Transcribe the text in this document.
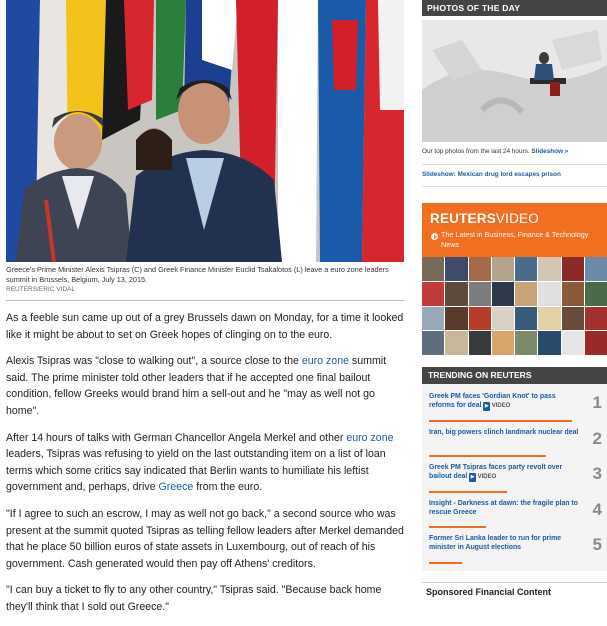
Greece's Prime Minister Alexis Tsipras (C) and Greek Finance Minister Euclid Tsakalotos (L) leave a euro zone leaders summit in Brussels, Belgium, July 13, 2015.
REUTERS/ERIC VIDAL

As a feeble sun came up out of a grey Brussels dawn on Monday, for a time it looked like it might be about to set on Greek hopes of clinging on to the euro.

Alexis Tsipras was "close to walking out", a source close to the euro zone summit said. The prime minister told other leaders that if he accepted one final bailout condition, fellow Greeks would brand him a sell-out and he "may as well not go home".

After 14 hours of talks with German Chancellor Angela Merkel and other euro zone leaders, Tsipras was refusing to yield on the last outstanding item on a list of loan terms which some critics say indicated that Berlin wants to humiliate his leftist government and, perhaps, drive Greece from the euro.

"If I agree to such an escrow, I may as well not go back," a second source who was present at the summit quoted Tsipras as telling fellow leaders after Merkel demanded that he place 50 billion euros of state assets in Luxembourg, out of reach of his government. Cash generated would then pay off Athens' creditors.

"I can buy a ticket to fly to any other country," Tsipras said. "Because back home they'll think that I sold out Greece."

PHOTOS OF THE DAY
Our top photos from the last 24 hours. Slideshow »
Slideshow: Mexican drug lord escapes prison
REUTERSVIDEO
The Latest in Business, Finance & Technology News
TRENDING ON REUTERS
Greek PM faces 'Gordian Knot' to pass reforms for deal ▶ VIDEO	1
Iran, big powers clinch landmark nuclear deal 2
Greek PM Tsipras faces party revolt over bailout deal ▶ VIDEO	3
Insight - Darkness at dawn: the fragile plan to rescue Greece	4
Former Sri Lanka leader to run for prime minister in August elections	5
Sponsored Financial Content
